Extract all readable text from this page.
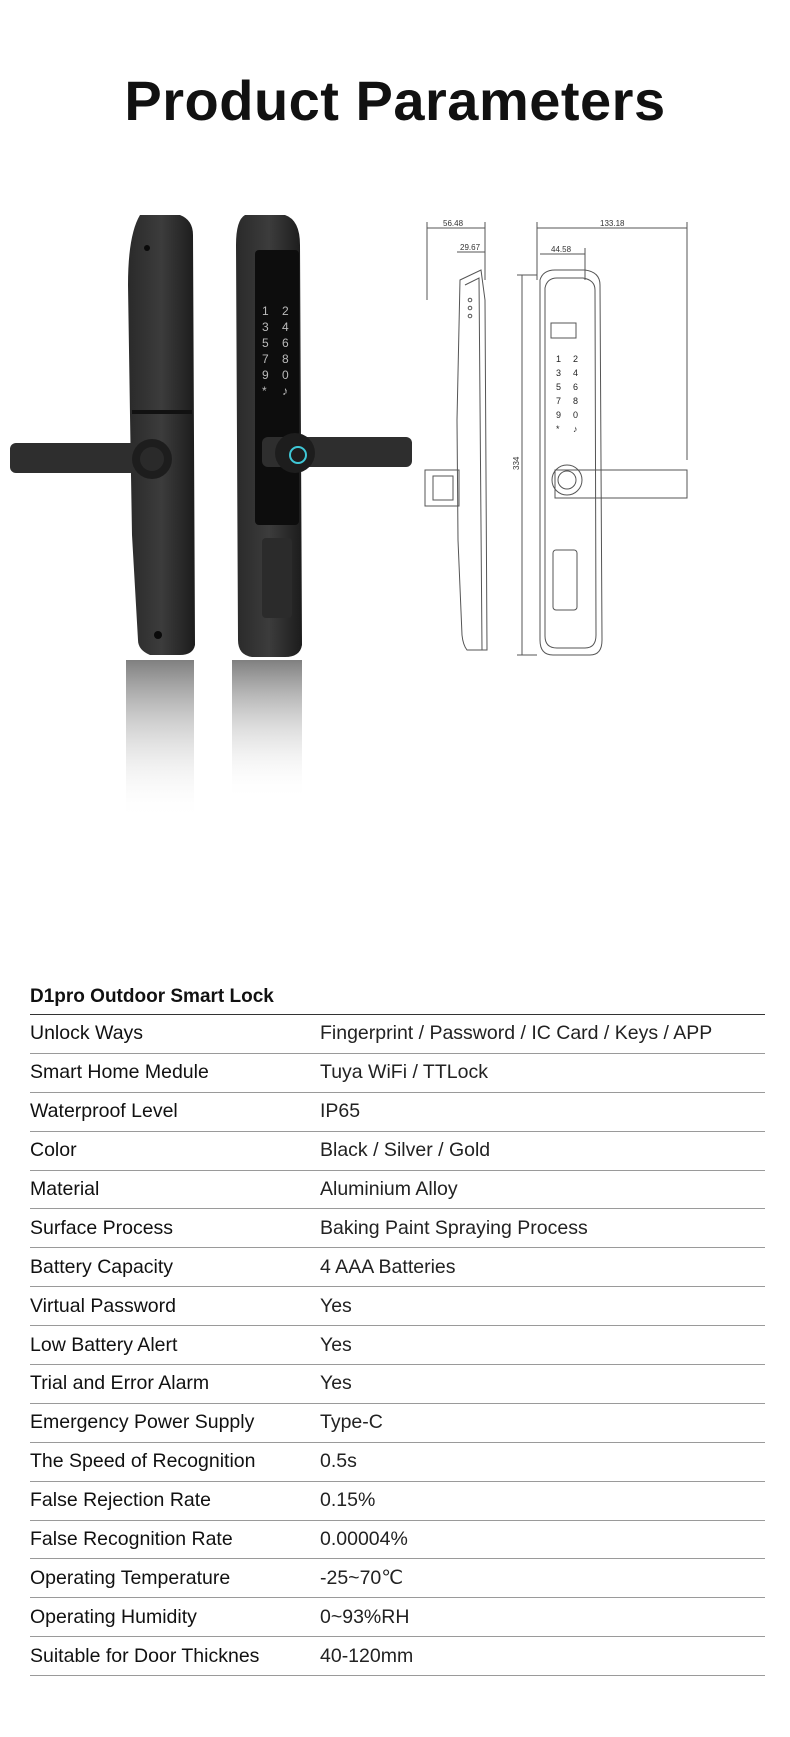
Product Parameters
1 2
3 4
5 6
7 8
9 0
* ♪
56.48
29.67
133.18
44.58
334
1 2
3 4
5 6
7 8
9 0
* ♪
D1pro Outdoor Smart Lock
Unlock Ways	Fingerprint / Password / IC Card / Keys / APP
Smart Home Medule	Tuya WiFi / TTLock
Waterproof Level	IP65
Color	Black / Silver / Gold
Material	Aluminium Alloy
Surface Process	Baking Paint Spraying Process
Battery Capacity	4 AAA Batteries
Virtual Password	Yes
Low Battery Alert	Yes
Trial and Error Alarm	Yes
Emergency Power Supply	Type-C
The Speed of Recognition	0.5s
False Rejection Rate	0.15%
False Recognition Rate	0.00004%
Operating Temperature	-25~70℃
Operating Humidity	0~93%RH
Suitable for Door Thicknes	40-120mm
